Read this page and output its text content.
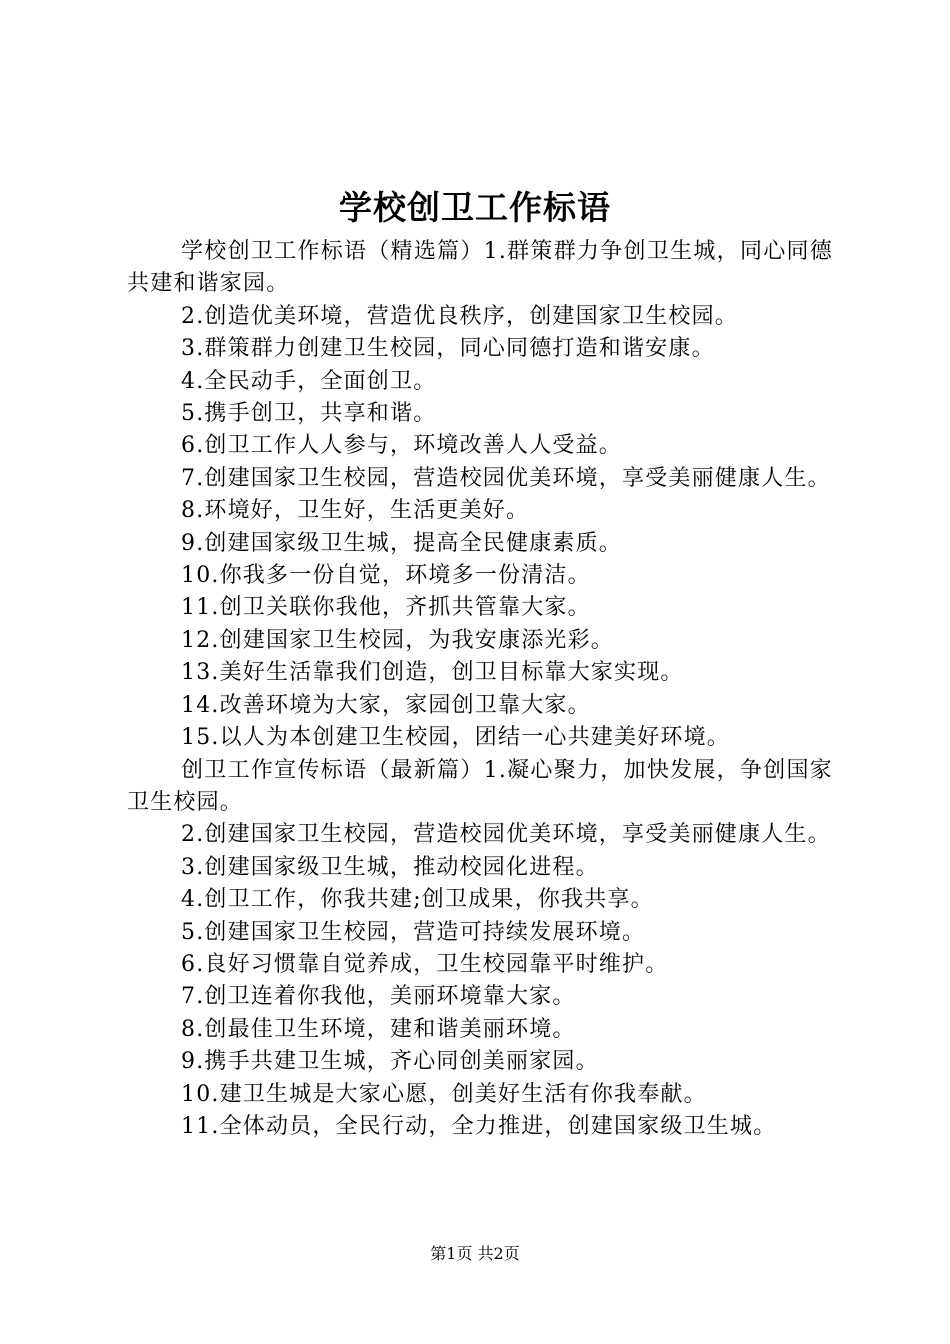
学校创卫工作标语

学校创卫工作标语（精选篇）1.群策群力争创卫生城，同心同德共建和谐家园。

2.创造优美环境，营造优良秩序，创建国家卫生校园。

3.群策群力创建卫生校园，同心同德打造和谐安康。

4.全民动手，全面创卫。

5.携手创卫，共享和谐。

6.创卫工作人人参与，环境改善人人受益。

7.创建国家卫生校园，营造校园优美环境，享受美丽健康人生。

8.环境好，卫生好，生活更美好。

9.创建国家级卫生城，提高全民健康素质。

10.你我多一份自觉，环境多一份清洁。

11.创卫关联你我他，齐抓共管靠大家。

12.创建国家卫生校园，为我安康添光彩。

13.美好生活靠我们创造，创卫目标靠大家实现。

14.改善环境为大家，家园创卫靠大家。

15.以人为本创建卫生校园，团结一心共建美好环境。

创卫工作宣传标语（最新篇）1.凝心聚力，加快发展，争创国家卫生校园。

2.创建国家卫生校园，营造校园优美环境，享受美丽健康人生。

3.创建国家级卫生城，推动校园化进程。

4.创卫工作，你我共建;创卫成果，你我共享。

5.创建国家卫生校园，营造可持续发展环境。

6.良好习惯靠自觉养成，卫生校园靠平时维护。

7.创卫连着你我他，美丽环境靠大家。

8.创最佳卫生环境，建和谐美丽环境。

9.携手共建卫生城，齐心同创美丽家园。

10.建卫生城是大家心愿，创美好生活有你我奉献。

11.全体动员，全民行动，全力推进，创建国家级卫生城。

第1页 共2页
